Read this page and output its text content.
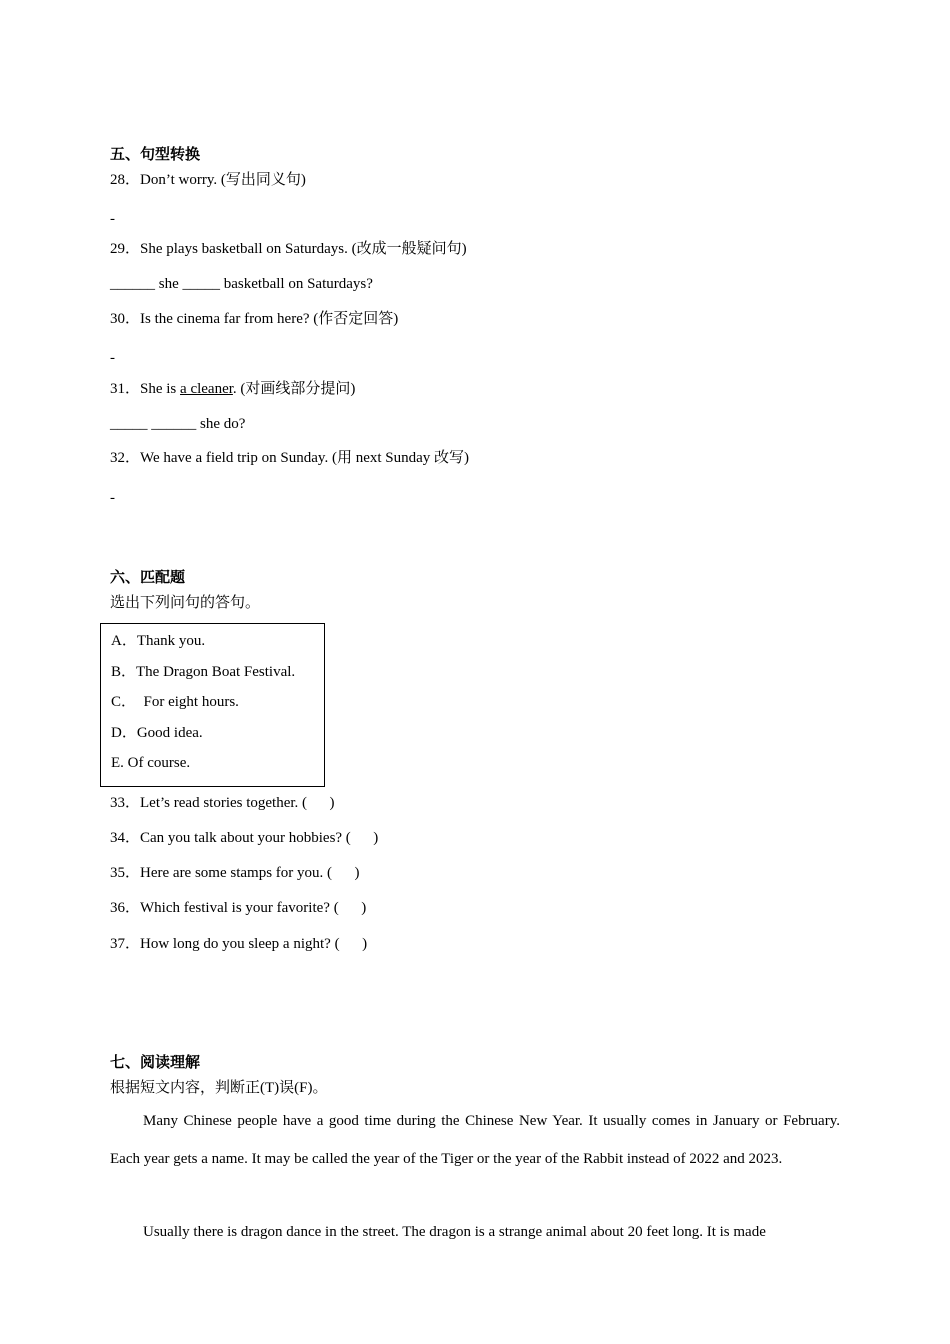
五、句型转换
28．Don’t worry. (写出同义句)
-
29．She plays basketball on Saturdays. (改成一般疑问句)
______ she _____ basketball on Saturdays?
30．Is the cinema far from here? (作否定回答)
-
31．She is a cleaner. (对画线部分提问)
_____ ______ she do?
32．We have a field trip on Sunday. (用 next Sunday 改写)
-
六、匹配题
选出下列问句的答句。
A．Thank you.
B．The Dragon Boat Festival.
C．  For eight hours.
D．Good idea.
E. Of course.
33．Let’s read stories together. (      )
34．Can you talk about your hobbies? (      )
35．Here are some stamps for you. (      )
36．Which festival is your favorite? (      )
37．How long do you sleep a night? (      )
七、阅读理解
根据短文内容，判断正(T)误(F)。
Many Chinese people have a good time during the Chinese New Year. It usually comes in January or February. Each year gets a name. It may be called the year of the Tiger or the year of the Rabbit instead of 2022 and 2023.
Usually there is dragon dance in the street. The dragon is a strange animal about 20 feet long. It is made
